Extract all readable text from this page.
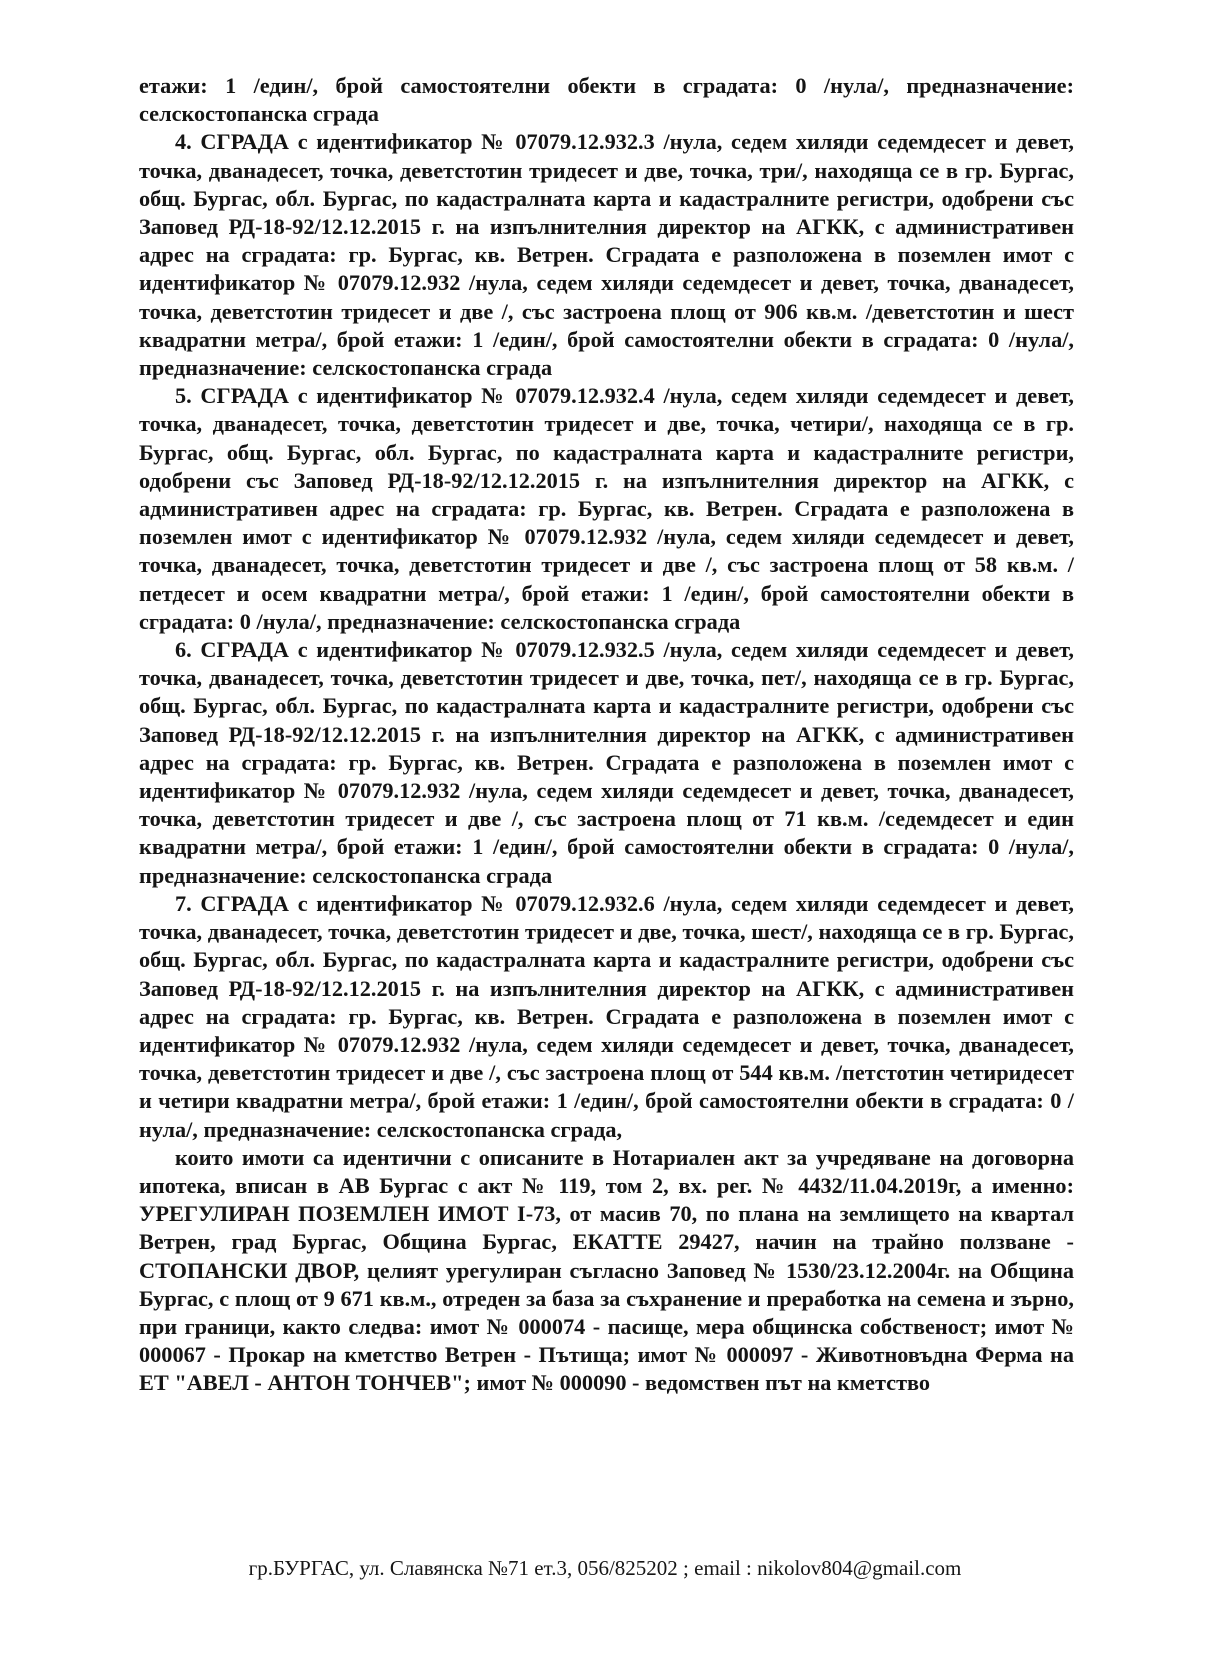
етажи: 1 /един/, брой самостоятелни обекти в сградата: 0 /нула/, предназначение: селскостопанска сграда

4. СГРАДА с идентификатор № 07079.12.932.3 /нула, седем хиляди седемдесет и девет, точка, дванадесет, точка, деветстотин тридесет и две, точка, три/, находяща се в гр. Бургас, общ. Бургас, обл. Бургас, по кадастралната карта и кадастралните регистри, одобрени със Заповед РД-18-92/12.12.2015 г. на изпълнителния директор на АГКК, с административен адрес на сградата: гр. Бургас, кв. Ветрен. Сградата е разположена в поземлен имот с идентификатор № 07079.12.932 /нула, седем хиляди седемдесет и девет, точка, дванадесет, точка, деветстотин тридесет и две /, със застроена площ от 906 кв.м. /деветстотин и шест квадратни метра/, брой етажи: 1 /един/, брой самостоятелни обекти в сградата: 0 /нула/, предназначение: селскостопанска сграда

5. СГРАДА с идентификатор № 07079.12.932.4 /нула, седем хиляди седемдесет и девет, точка, дванадесет, точка, деветстотин тридесет и две, точка, четири/, находяща се в гр. Бургас, общ. Бургас, обл. Бургас, по кадастралната карта и кадастралните регистри, одобрени със Заповед РД-18-92/12.12.2015 г. на изпълнителния директор на АГКК, с административен адрес на сградата: гр. Бургас, кв. Ветрен. Сградата е разположена в поземлен имот с идентификатор № 07079.12.932 /нула, седем хиляди седемдесет и девет, точка, дванадесет, точка, деветстотин тридесет и две /, със застроена площ от 58 кв.м. /петдесет и осем квадратни метра/, брой етажи: 1 /един/, брой самостоятелни обекти в сградата: 0 /нула/, предназначение: селскостопанска сграда

6. СГРАДА с идентификатор № 07079.12.932.5 /нула, седем хиляди седемдесет и девет, точка, дванадесет, точка, деветстотин тридесет и две, точка, пет/, находяща се в гр. Бургас, общ. Бургас, обл. Бургас, по кадастралната карта и кадастралните регистри, одобрени със Заповед РД-18-92/12.12.2015 г. на изпълнителния директор на АГКК, с административен адрес на сградата: гр. Бургас, кв. Ветрен. Сградата е разположена в поземлен имот с идентификатор № 07079.12.932 /нула, седем хиляди седемдесет и девет, точка, дванадесет, точка, деветстотин тридесет и две /, със застроена площ от 71 кв.м. /седемдесет и един квадратни метра/, брой етажи: 1 /един/, брой самостоятелни обекти в сградата: 0 /нула/, предназначение: селскостопанска сграда

7. СГРАДА с идентификатор № 07079.12.932.6 /нула, седем хиляди седемдесет и девет, точка, дванадесет, точка, деветстотин тридесет и две, точка, шест/, находяща се в гр. Бургас, общ. Бургас, обл. Бургас, по кадастралната карта и кадастралните регистри, одобрени със Заповед РД-18-92/12.12.2015 г. на изпълнителния директор на АГКК, с административен адрес на сградата: гр. Бургас, кв. Ветрен. Сградата е разположена в поземлен имот с идентификатор № 07079.12.932 /нула, седем хиляди седемдесет и девет, точка, дванадесет, точка, деветстотин тридесет и две /, със застроена площ от 544 кв.м. /петстотин четиридесет и четири квадратни метра/, брой етажи: 1 /един/, брой самостоятелни обекти в сградата: 0 /нула/, предназначение: селскостопанска сграда,

които имоти са идентични с описаните в Нотариален акт за учредяване на договорна ипотека, вписан в АВ Бургас с акт № 119, том 2, вх. рег. № 4432/11.04.2019г, а именно: УРЕГУЛИРАН ПОЗЕМЛЕН ИМОТ I-73, от масив 70, по плана на землището на квартал Ветрен, град Бургас, Община Бургас, ЕКАТТЕ 29427, начин на трайно ползване - СТОПАНСКИ ДВОР, целият урегулиран съгласно Заповед № 1530/23.12.2004г. на Община Бургас, с площ от 9 671 кв.м., отреден за база за съхранение и преработка на семена и зърно, при граници, както следва: имот № 000074 - пасище, мера общинска собственост; имот № 000067 - Прокар на кметство Ветрен - Пътища; имот № 000097 - Животновъдна Ферма на ЕТ "АВЕЛ - АНТОН ТОНЧЕВ"; имот № 000090 - ведомствен път на кметство

гр.БУРГАС, ул. Славянска №71 ет.3, 056/825202 ; email : nikolov804@gmail.com
